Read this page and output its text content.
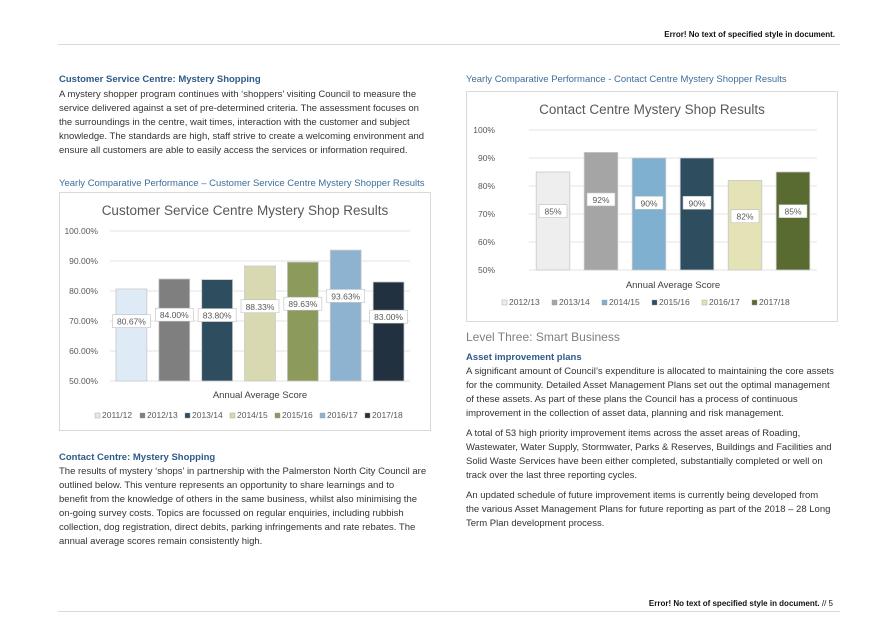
Error! No text of specified style in document.
Customer Service Centre: Mystery Shopping
A mystery shopper program continues with ‘shoppers’ visiting Council to measure the
service delivered against a set of pre-determined criteria. The assessment focuses on
the surroundings in the centre, wait times, interaction with the customer and subject
knowledge. The standards are high, staff strive to create a welcoming environment and
ensure all customers are able to easily access the services or information required.
Yearly Comparative Performance – Customer Service Centre Mystery Shopper Results
Customer Service Centre Mystery Shop Results
50.00%
60.00%
70.00%
80.00%
90.00%
100.00%
80.67%
84.00% 83.80%
88.33% 89.63%
93.63%
83.00%
Annual Average Score
2011/12 2012/13 2013/14 2014/15 2015/16 2016/17 2017/18
Contact Centre: Mystery Shopping
The results of mystery ‘shops’ in partnership with the Palmerston North City Council are
outlined below. This venture represents an opportunity to share learnings and to
benefit from the knowledge of others in the same business, whilst also minimising the
on-going survey costs. Topics are focussed on regular enquiries, including rubbish
collection, dog registration, direct debits, parking infringements and rate rebates. The
annual average scores remain consistently high.
Yearly Comparative Performance - Contact Centre Mystery Shopper Results
Contact Centre Mystery Shop Results
50%
60%
70%
80%
90%
100%
85%
92%	90%	90%
82%
85%
Annual Average Score
2012/13 2013/14 2014/15 2015/16 2016/17 2017/18
Level Three: Smart Business
Asset improvement plans

A significant amount of Council’s expenditure is allocated to maintaining the core assets
for the community. Detailed Asset Management Plans set out the optimal management
of these assets. As part of these plans the Council has a process of continuous
improvement in the collection of asset data, planning and risk management.

A total of 53 high priority improvement items across the asset areas of Roading,
Wastewater, Water Supply, Stormwater, Parks & Reserves, Buildings and Facilities and
Solid Waste Services have been either completed, substantially completed or well on
track over the last three reporting cycles.

An updated schedule of future improvement items is currently being developed from
the various Asset Management Plans for future reporting as part of the 2018 – 28 Long
Term Plan development process.

Error! No text of specified style in document. // 5
